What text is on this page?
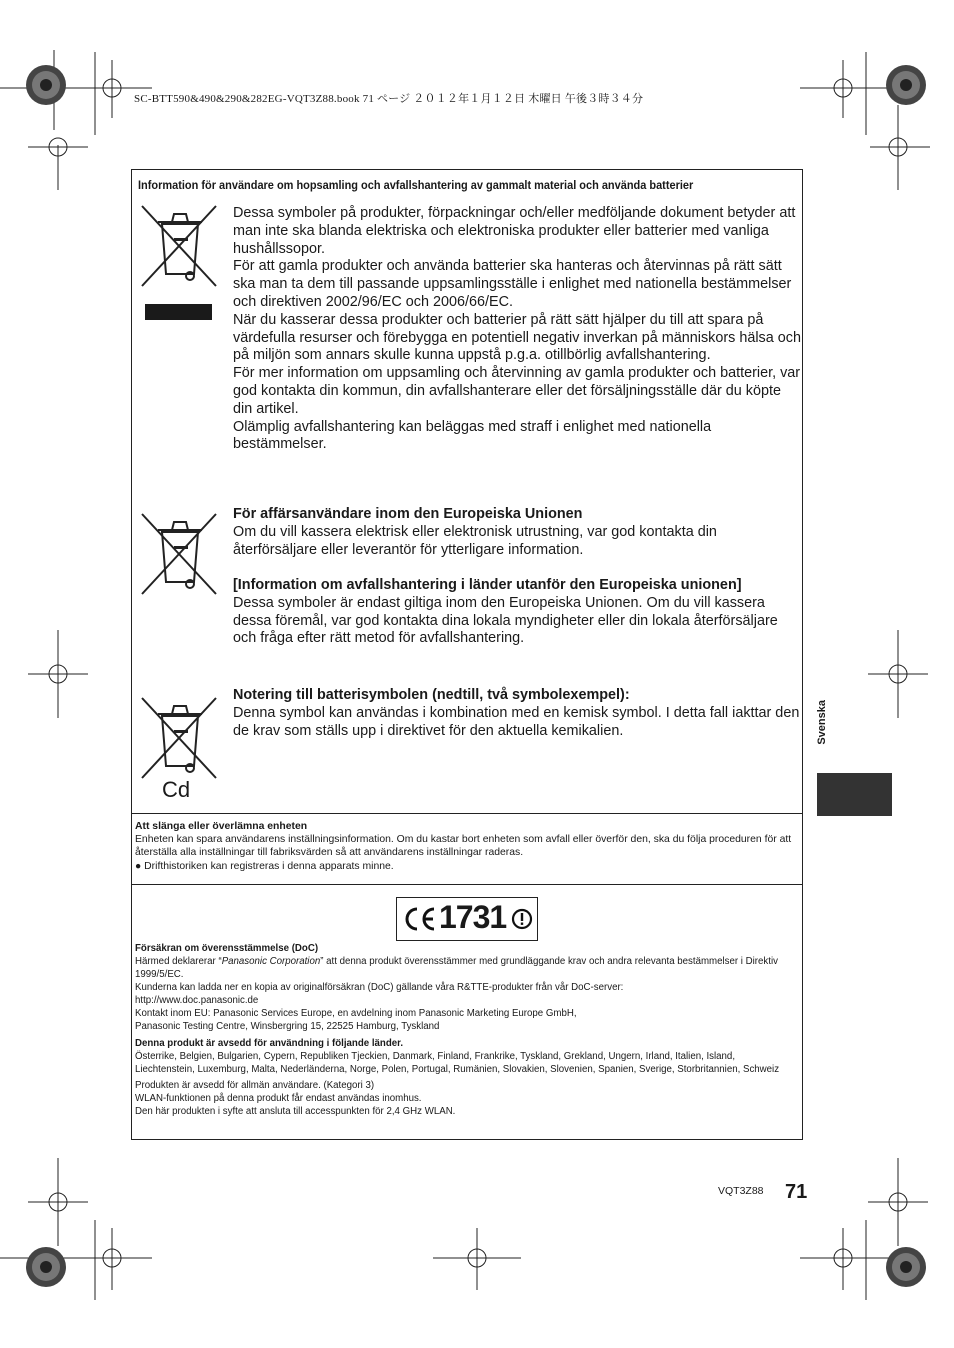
SC-BTT590&490&290&282EG-VQT3Z88.book 71 ページ ２０１２年１月１２日 木曜日 午後３時３４分
Information för användare om hopsamling och avfallshantering av gammalt material och använda batterier
Cd

Dessa symboler på produkter, förpackningar och/eller medföljande dokument betyder att man inte ska blanda elektriska och elektroniska produkter eller batterier med vanliga hushållssopor.

För att gamla produkter och använda batterier ska hanteras och återvinnas på rätt sätt ska man ta dem till passande uppsamlingsställe i enlighet med nationella bestämmelser och direktiven 2002/96/EC och 2006/66/EC.

När du kasserar dessa produkter och batterier på rätt sätt hjälper du till att spara på värdefulla resurser och förebygga en potentiell negativ inverkan på människors hälsa och på miljön som annars skulle kunna uppstå p.g.a. otillbörlig avfallshantering.

För mer information om uppsamling och återvinning av gamla produkter och batterier, var god kontakta din kommun, din avfallshanterare eller det försäljningsställe där du köpte din artikel.

Olämplig avfallshantering kan beläggas med straff i enlighet med nationella bestämmelser.

För affärsanvändare inom den Europeiska Unionen

Om du vill kassera elektrisk eller elektronisk utrustning, var god kontakta din återförsäljare eller leverantör för ytterligare information.

[Information om avfallshantering i länder utanför den Europeiska unionen]

Dessa symboler är endast giltiga inom den Europeiska Unionen. Om du vill kassera dessa föremål, var god kontakta dina lokala myndigheter eller din lokala återförsäljare och fråga efter rätt metod för avfallshantering.

Notering till batterisymbolen (nedtill, två symbolexempel):

Denna symbol kan användas i kombination med en kemisk symbol. I detta fall iakttar den de krav som ställs upp i direktivet för den aktuella kemikalien.

Att slänga eller överlämna enheten

Enheten kan spara användarens inställningsinformation. Om du kastar bort enheten som avfall eller överför den, ska du följa proceduren för att återställa alla inställningar till fabriksvärden så att användarens inställningar raderas.

● Drifthistoriken kan registreras i denna apparats minne.

1731

Försäkran om överensstämmelse (DoC)

Härmed deklarerar “Panasonic Corporation” att denna produkt överensstämmer med grundläggande krav och andra relevanta bestämmelser i Direktiv 1999/5/EC.

Kunderna kan ladda ner en kopia av originalförsäkran (DoC) gällande våra R&TTE-produkter från vår DoC-server:

http://www.doc.panasonic.de

Kontakt inom EU: Panasonic Services Europe, en avdelning inom Panasonic Marketing Europe GmbH,

Panasonic Testing Centre, Winsbergring 15, 22525 Hamburg, Tyskland

Denna produkt är avsedd för användning i följande länder.

Österrike, Belgien, Bulgarien, Cypern, Republiken Tjeckien, Danmark, Finland, Frankrike, Tyskland, Grekland, Ungern, Irland, Italien, Island, Liechtenstein, Luxemburg, Malta, Nederländerna, Norge, Polen, Portugal, Rumänien, Slovakien, Slovenien, Spanien, Sverige, Storbritannien, Schweiz

Produkten är avsedd för allmän användare. (Kategori 3)

WLAN-funktionen på denna produkt får endast användas inomhus.

Den här produkten i syfte att ansluta till accesspunkten för 2,4 GHz WLAN.

Svenska
VQT3Z88 71
